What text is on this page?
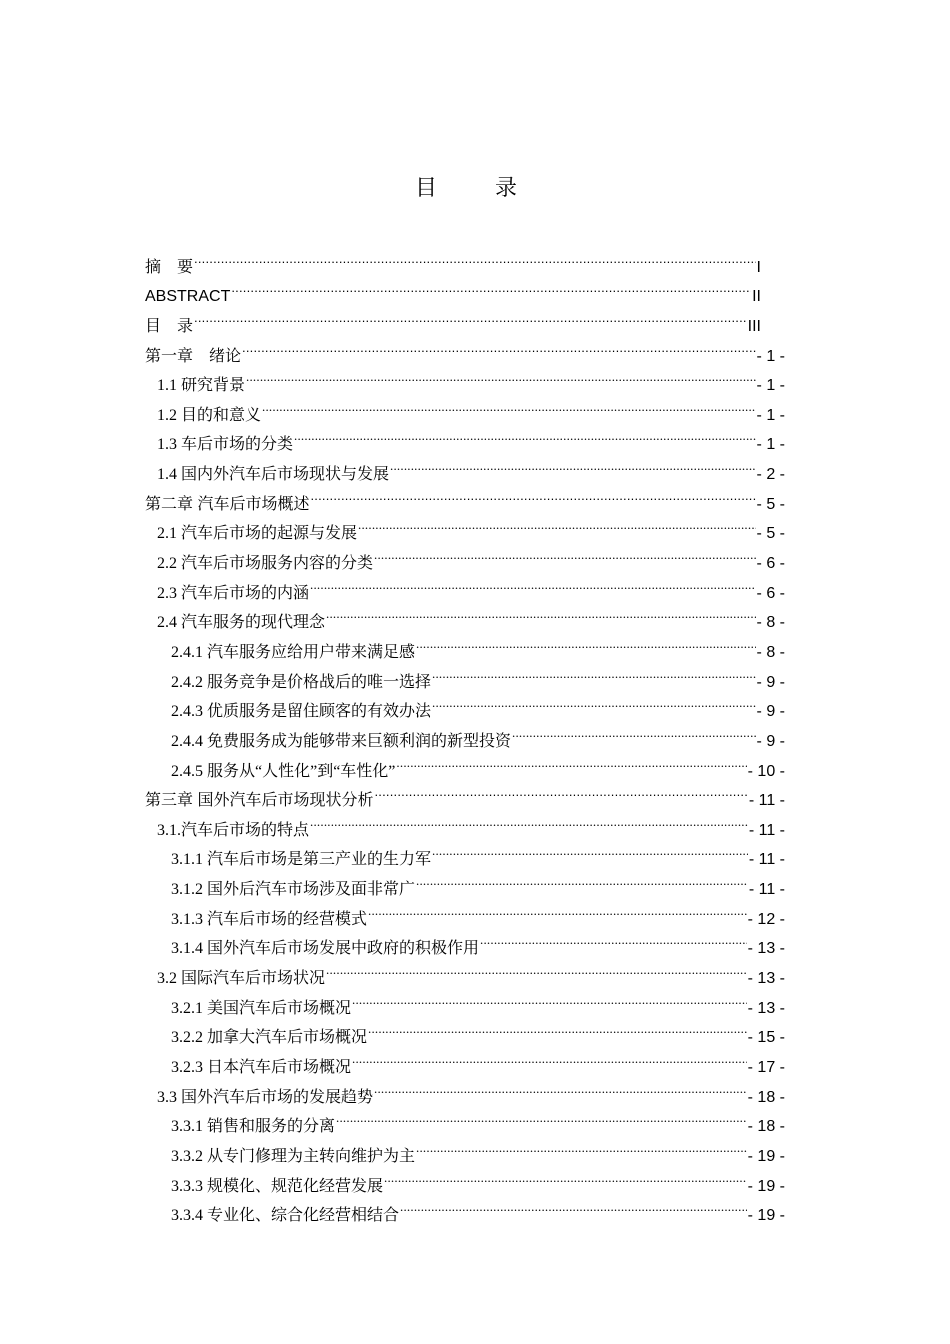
目　录
摘　要 .....	I
ABSTRACT .....	II
目　录 .....	III
第一章　绪论 .....	- 1 -
1.1 研究背景 .....	- 1 -
1.2 目的和意义 .....	- 1 -
1.3 车后市场的分类 .....	- 1 -
1.4 国内外汽车后市场现状与发展 .....	- 2 -
第二章 汽车后市场概述 .....	- 5 -
2.1 汽车后市场的起源与发展 .....	- 5 -
2.2 汽车后市场服务内容的分类 .....	- 6 -
2.3 汽车后市场的内涵 .....	- 6 -
2.4 汽车服务的现代理念 .....	- 8 -
2.4.1 汽车服务应给用户带来满足感 .....	- 8 -
2.4.2 服务竞争是价格战后的唯一选择 .....	- 9 -
2.4.3 优质服务是留住顾客的有效办法 .....	- 9 -
2.4.4 免费服务成为能够带来巨额利润的新型投资 .....	- 9 -
2.4.5 服务从“人性化”到“车性化” .....	- 10 -
第三章 国外汽车后市场现状分析 .....	- 11 -
3.1.汽车后市场的特点 .....	- 11 -
3.1.1 汽车后市场是第三产业的生力军 .....	- 11 -
3.1.2 国外后汽车市场涉及面非常广 .....	- 11 -
3.1.3 汽车后市场的经营模式 .....	- 12 -
3.1.4 国外汽车后市场发展中政府的积极作用 .....	- 13 -
3.2 国际汽车后市场状况 .....	- 13 -
3.2.1 美国汽车后市场概况 .....	- 13 -
3.2.2 加拿大汽车后市场概况 .....	- 15 -
3.2.3 日本汽车后市场概况 .....	- 17 -
3.3 国外汽车后市场的发展趋势 .....	- 18 -
3.3.1 销售和服务的分离 .....	- 18 -
3.3.2 从专门修理为主转向维护为主 .....	- 19 -
3.3.3 规模化、规范化经营发展 .....	- 19 -
3.3.4 专业化、综合化经营相结合 .....	- 19 -
